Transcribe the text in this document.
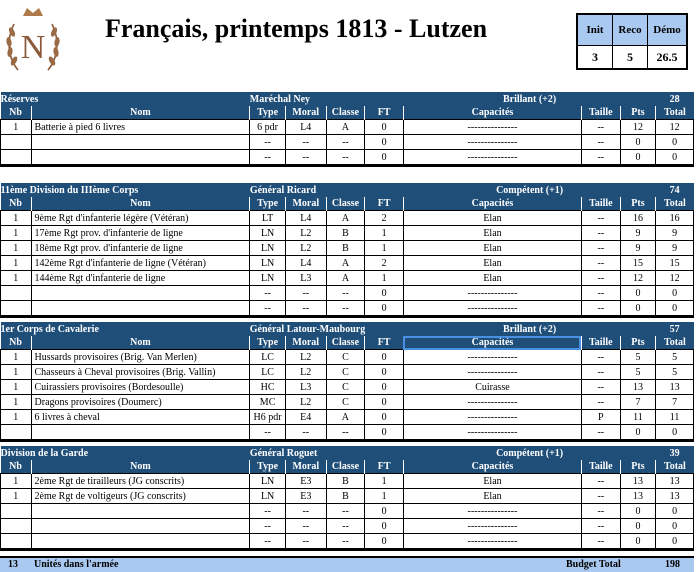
N
Français, printemps 1813 - Lutzen	Init	Reco	Démo
3	5	26.5
Réserves		Maréchal Ney				Brillant (+2)			28
Nb	Nom	Type	Moral	Classe	FT	Capacités	Taille	Pts	Total
1	Batterie à pied 6 livres	6 pdr	L4	A	0	---------------	--	12	12
		--	--	--	0	---------------	--	0	0
		--	--	--	0	---------------	--	0	0
11ème Division du IIIème Corps		Général Ricard				Compétent (+1)			74
Nb	Nom	Type	Moral	Classe	FT	Capacités	Taille	Pts	Total
1	9ème Rgt d'infanterie légère (Vétéran)	LT	L4	A	2	Elan	--	16	16
1	17ème Rgt prov. d'infanterie de ligne	LN	L2	B	1	Elan	--	9	9
1	18ème Rgt prov. d'infanterie de ligne	LN	L2	B	1	Elan	--	9	9
1	142ème Rgt d'infanterie de ligne (Vétéran)	LN	L4	A	2	Elan	--	15	15
1	144ème Rgt d'infanterie de ligne	LN	L3	A	1	Elan	--	12	12
		--	--	--	0	---------------	--	0	0
		--	--	--	0	---------------	--	0	0
1er Corps de Cavalerie		Général Latour-Maubourg				Brillant (+2)			57
Nb	Nom	Type	Moral	Classe	FT	Capacités	Taille	Pts	Total
1	Hussards provisoires (Brig. Van Merlen)	LC	L2	C	0	---------------	--	5	5
1	Chasseurs à Cheval provisoires (Brig. Vallin)	LC	L2	C	0	---------------	--	5	5
1	Cuirassiers provisoires (Bordesoulle)	HC	L3	C	0	Cuirasse	--	13	13
1	Dragons provisoires (Doumerc)	MC	L2	C	0	---------------	--	7	7
1	6 livres à cheval	H6 pdr	E4	A	0	---------------	P	11	11
		--	--	--	0	---------------	--	0	0
Division de la Garde		Général Roguet				Compétent (+1)			39
Nb	Nom	Type	Moral	Classe	FT	Capacités	Taille	Pts	Total
1	2ème Rgt de tirailleurs (JG conscrits)	LN	E3	B	1	Elan	--	13	13
1	2ème Rgt de voltigeurs (JG conscrits)	LN	E3	B	1	Elan	--	13	13
		--	--	--	0	---------------	--	0	0
		--	--	--	0	---------------	--	0	0
		--	--	--	0	---------------	--	0	0
13 Unités dans l'armée	Budget Total	198
